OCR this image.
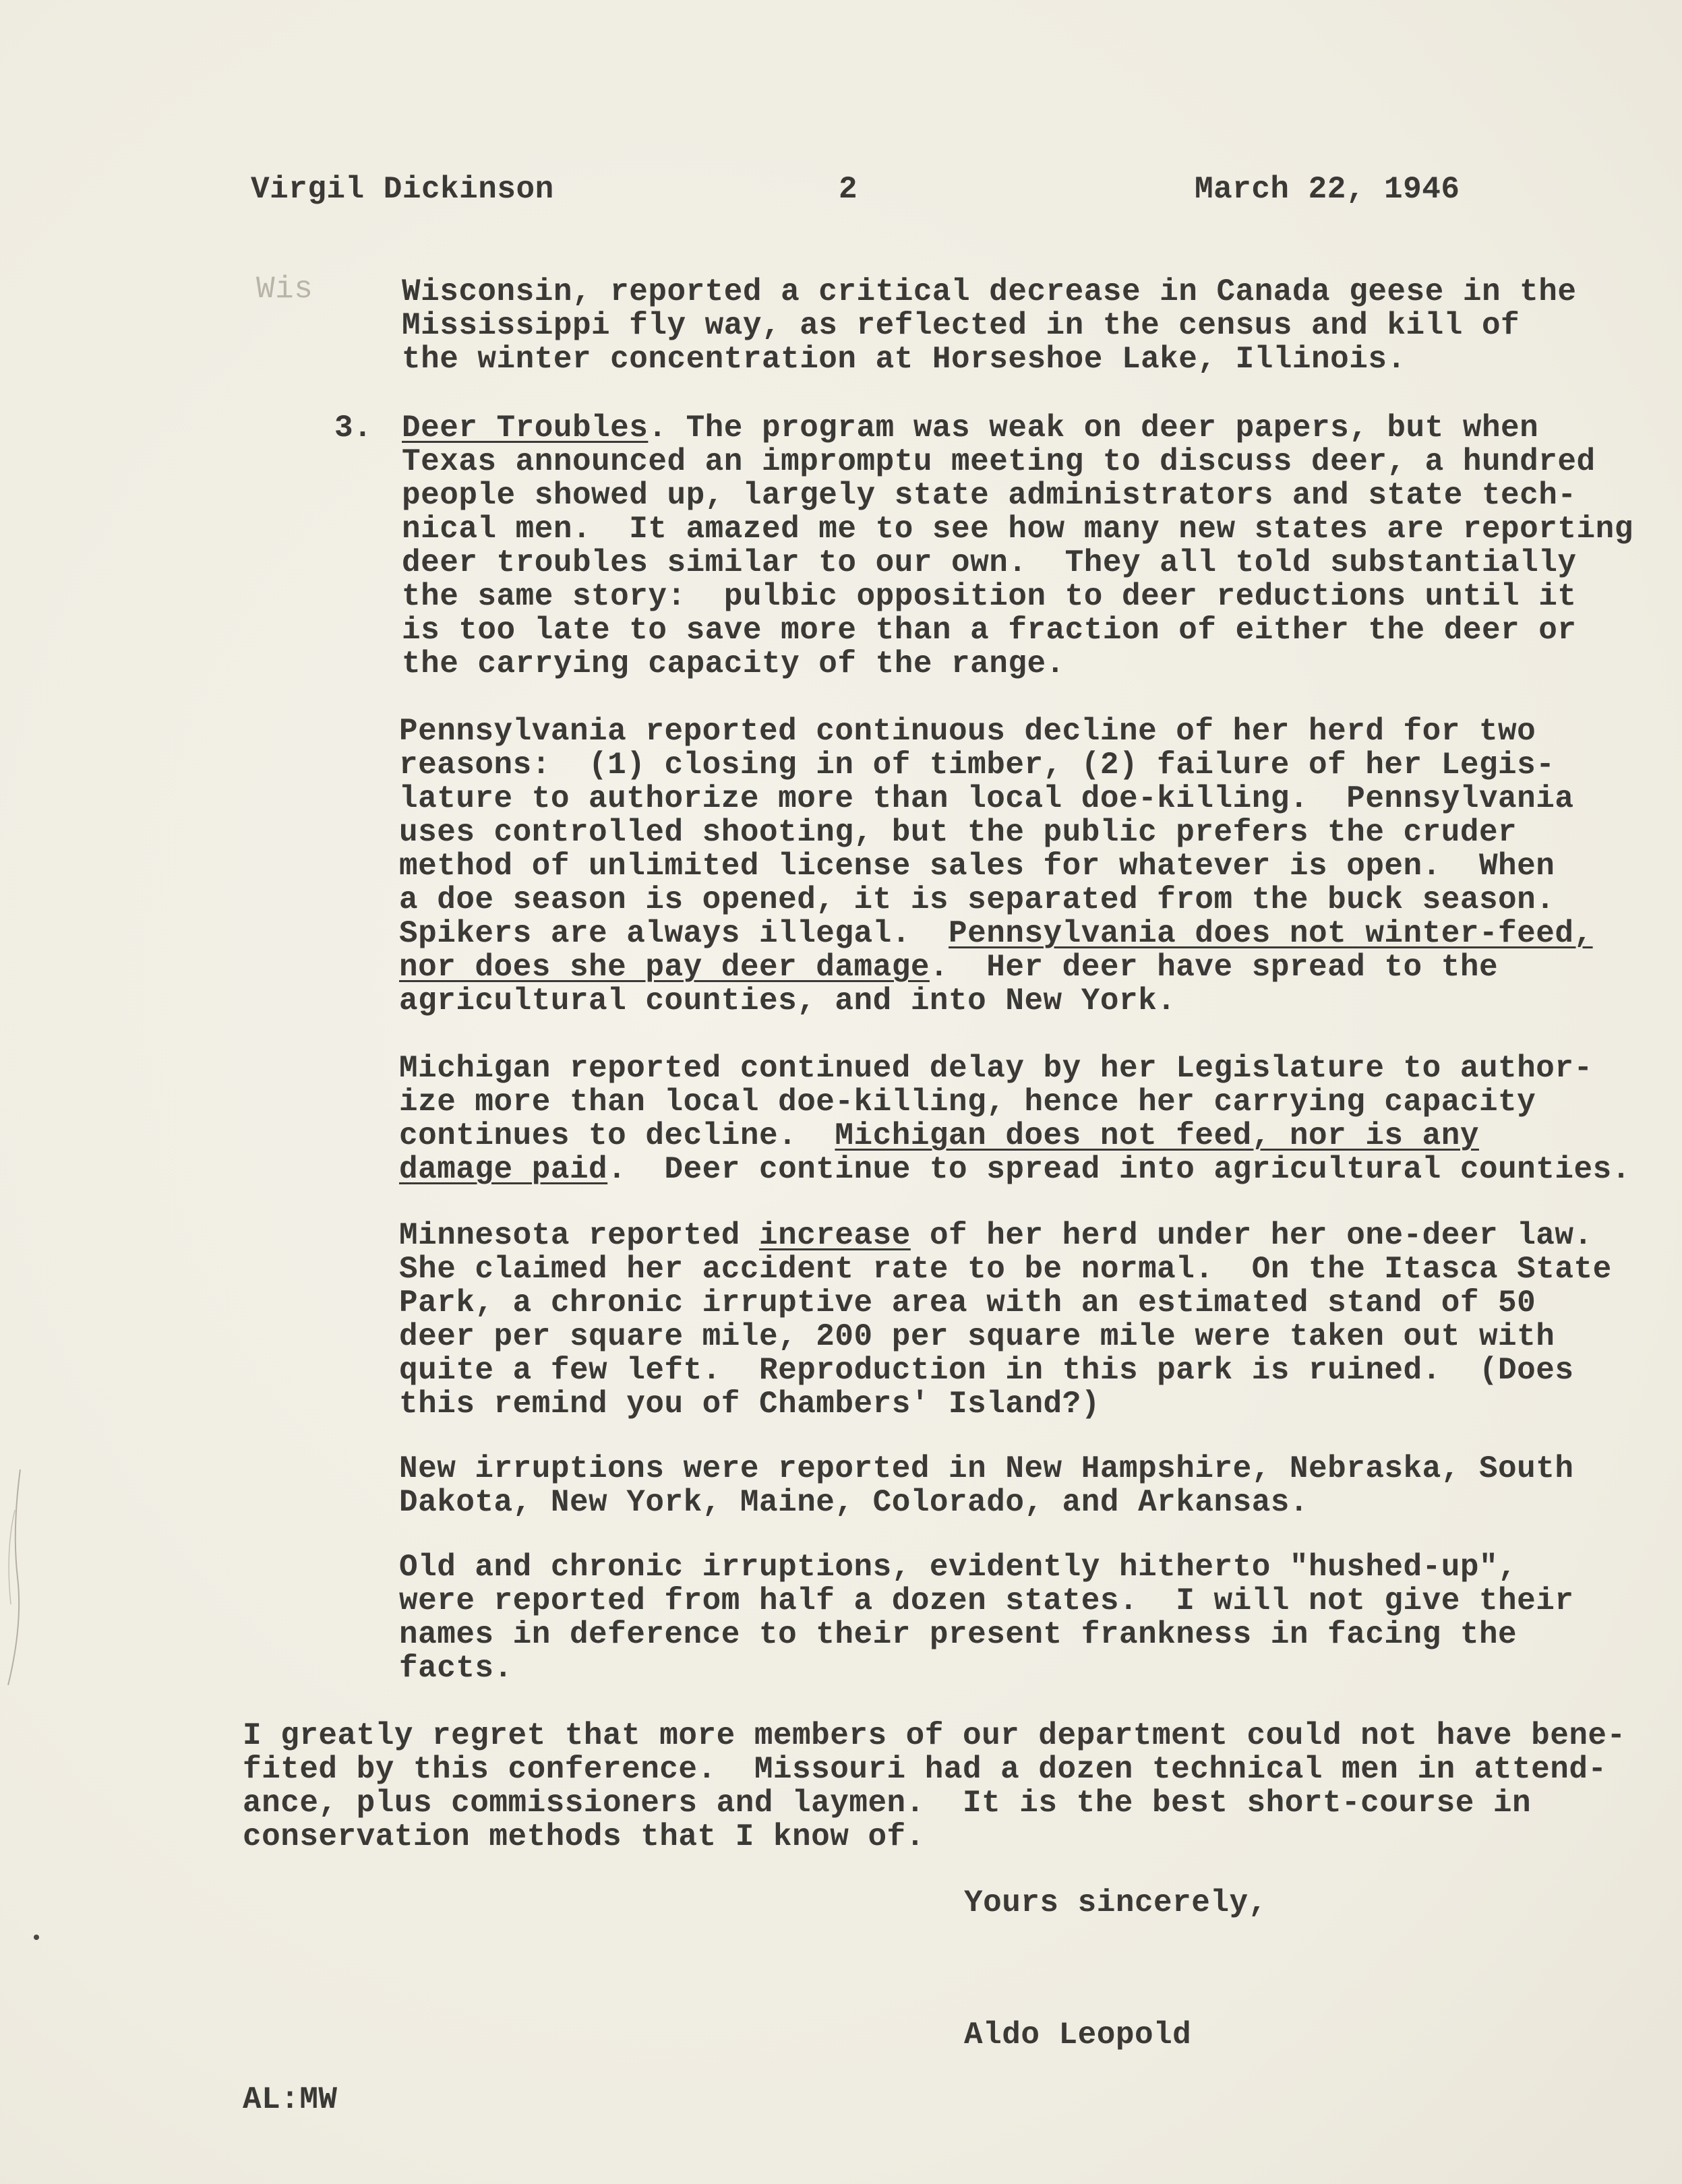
Virgil Dickinson	2	March 22, 1946
Wis	Wisconsin, reported a critical decrease in Canada geese in the
Mississippi fly way, as reflected in the census and kill of
the winter concentration at Horseshoe Lake, Illinois.
3. Deer Troubles. The program was weak on deer papers, but when
Texas announced an impromptu meeting to discuss deer, a hundred
people showed up, largely state administrators and state tech-
nical men.  It amazed me to see how many new states are reporting
deer troubles similar to our own.  They all told substantially
the same story:  pulbic opposition to deer reductions until it
is too late to save more than a fraction of either the deer or
the carrying capacity of the range.
Pennsylvania reported continuous decline of her herd for two
reasons:  (1) closing in of timber, (2) failure of her Legis-
lature to authorize more than local doe-killing.  Pennsylvania
uses controlled shooting, but the public prefers the cruder
method of unlimited license sales for whatever is open.  When
a doe season is opened, it is separated from the buck season.
Spikers are always illegal.  Pennsylvania does not winter-feed,
nor does she pay deer damage.  Her deer have spread to the
agricultural counties, and into New York.
Michigan reported continued delay by her Legislature to author-
ize more than local doe-killing, hence her carrying capacity
continues to decline.  Michigan does not feed, nor is any
damage paid.  Deer continue to spread into agricultural counties.
Minnesota reported increase of her herd under her one-deer law.
She claimed her accident rate to be normal.  On the Itasca State
Park, a chronic irruptive area with an estimated stand of 50
deer per square mile, 200 per square mile were taken out with
quite a few left.  Reproduction in this park is ruined.  (Does
this remind you of Chambers' Island?)
New irruptions were reported in New Hampshire, Nebraska, South
Dakota, New York, Maine, Colorado, and Arkansas.
Old and chronic irruptions, evidently hitherto "hushed-up",
were reported from half a dozen states.  I will not give their
names in deference to their present frankness in facing the
facts.
I greatly regret that more members of our department could not have bene-
fited by this conference.  Missouri had a dozen technical men in attend-
ance, plus commissioners and laymen.  It is the best short-course in
conservation methods that I know of.
Yours sincerely,
Aldo Leopold
AL:MW
